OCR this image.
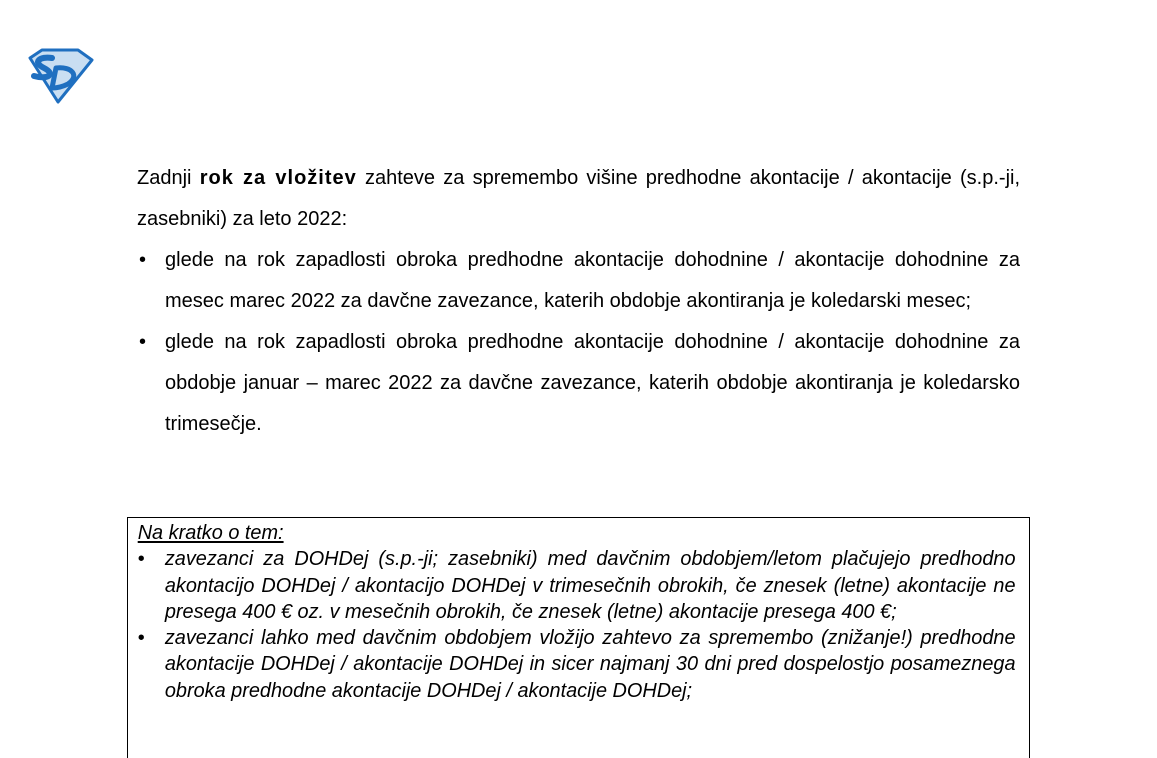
Zadnji rok za vložitev zahteve za spremembo višine predhodne akontacije / akontacije (s.p.-ji, zasebniki) za leto 2022:
• glede na rok zapadlosti obroka predhodne akontacije dohodnine / akontacije dohodnine za mesec marec 2022 za davčne zavezance, katerih obdobje akontiranja je koledarski mesec;
• glede na rok zapadlosti obroka predhodne akontacije dohodnine / akontacije dohodnine za obdobje januar – marec 2022 za davčne zavezance, katerih obdobje akontiranja je koledarsko trimesečje.
Na kratko o tem:
• zavezanci za DOHDej (s.p.-ji; zasebniki) med davčnim obdobjem/letom plačujejo predhodno akontacijo DOHDej / akontacijo DOHDej v trimesečnih obrokih, če znesek (letne) akontacije ne presega 400 € oz. v mesečnih obrokih, če znesek (letne) akontacije presega 400 €;
• zavezanci lahko med davčnim obdobjem vložijo zahtevo za spremembo (znižanje!) predhodne akontacije DOHDej / akontacije DOHDej in sicer najmanj 30 dni pred dospelostjo posameznega obroka predhodne akontacije DOHDej / akontacije DOHDej;
